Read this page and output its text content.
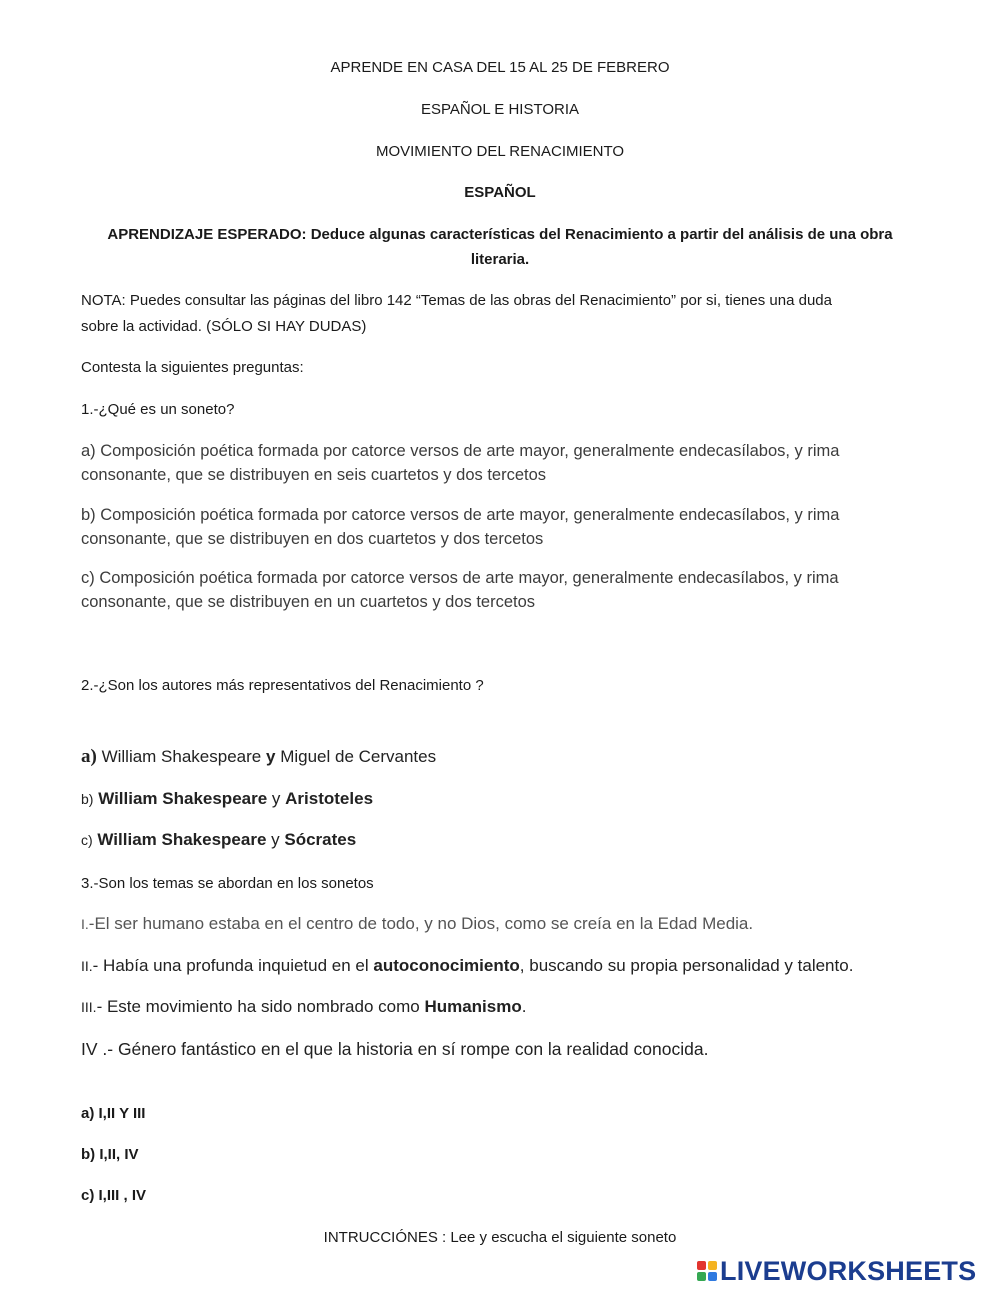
APRENDE EN CASA DEL 15 AL 25 DE FEBRERO
ESPAÑOL E HISTORIA
MOVIMIENTO DEL RENACIMIENTO
ESPAÑOL
APRENDIZAJE ESPERADO: Deduce algunas características del Renacimiento a partir del análisis de una obra
literaria.
NOTA: Puedes consultar las páginas del libro 142 “Temas de las obras del Renacimiento” por si, tienes una duda
sobre la actividad. (SÓLO SI HAY DUDAS)
Contesta la siguientes preguntas:
1.-¿Qué es un soneto?
a) Composición poética formada por catorce versos de arte mayor, generalmente endecasílabos, y rima
consonante, que se distribuyen en seis cuartetos y dos tercetos
b) Composición poética formada por catorce versos de arte mayor, generalmente endecasílabos, y rima
consonante, que se distribuyen en dos cuartetos y dos tercetos
c) Composición poética formada por catorce versos de arte mayor, generalmente endecasílabos, y rima
consonante, que se distribuyen en un cuartetos y dos tercetos
2.-¿Son los autores más representativos del Renacimiento ?
a) William Shakespeare y Miguel de Cervantes
b) William Shakespeare y Aristoteles
c) William Shakespeare y Sócrates
3.-Son los temas se abordan en los sonetos
I.-El ser humano estaba en el centro de todo, y no Dios, como se creía en la Edad Media.
II.- Había una profunda inquietud en el autoconocimiento, buscando su propia personalidad y talento.
III.- Este movimiento ha sido nombrado como Humanismo.
IV .- Género fantástico en el que la historia en sí rompe con la realidad conocida.
a) I,II Y III
b) I,II, IV
c) I,III , IV
INTRUCCIÓNES : Lee y escucha el siguiente soneto
LIVEWORKSHEETS
